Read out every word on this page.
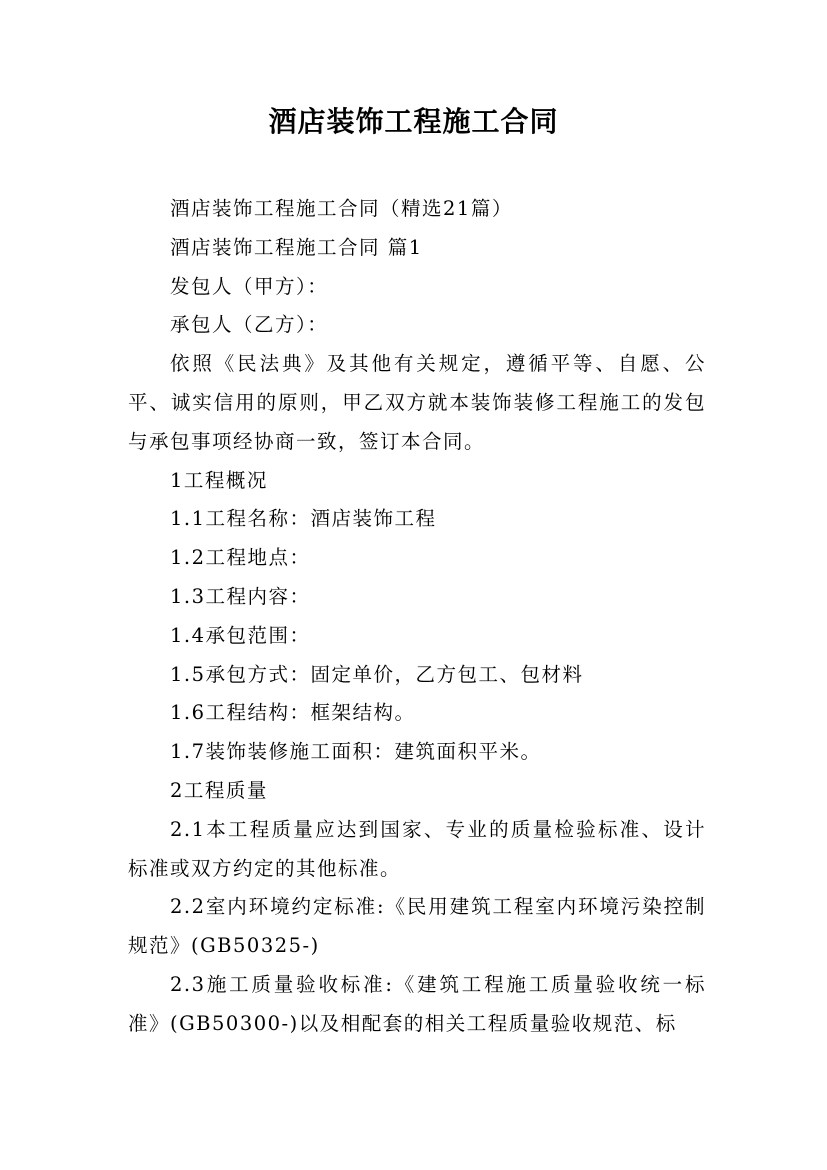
酒店装饰工程施工合同

酒店装饰工程施工合同（精选21篇）

酒店装饰工程施工合同 篇1

发包人（甲方）：

承包人（乙方）：

依照《民法典》及其他有关规定，遵循平等、自愿、公平、诚实信用的原则，甲乙双方就本装饰装修工程施工的发包与承包事项经协商一致，签订本合同。

1工程概况

1.1工程名称：酒店装饰工程

1.2工程地点：

1.3工程内容：

1.4承包范围：

1.5承包方式：固定单价，乙方包工、包材料

1.6工程结构：框架结构。

1.7装饰装修施工面积：建筑面积平米。

2工程质量

2.1本工程质量应达到国家、专业的质量检验标准、设计标准或双方约定的其他标准。

2.2室内环境约定标准:《民用建筑工程室内环境污染控制规范》(GB50325-)

2.3施工质量验收标准:《建筑工程施工质量验收统一标准》(GB50300-)以及相配套的相关工程质量验收规范、标
